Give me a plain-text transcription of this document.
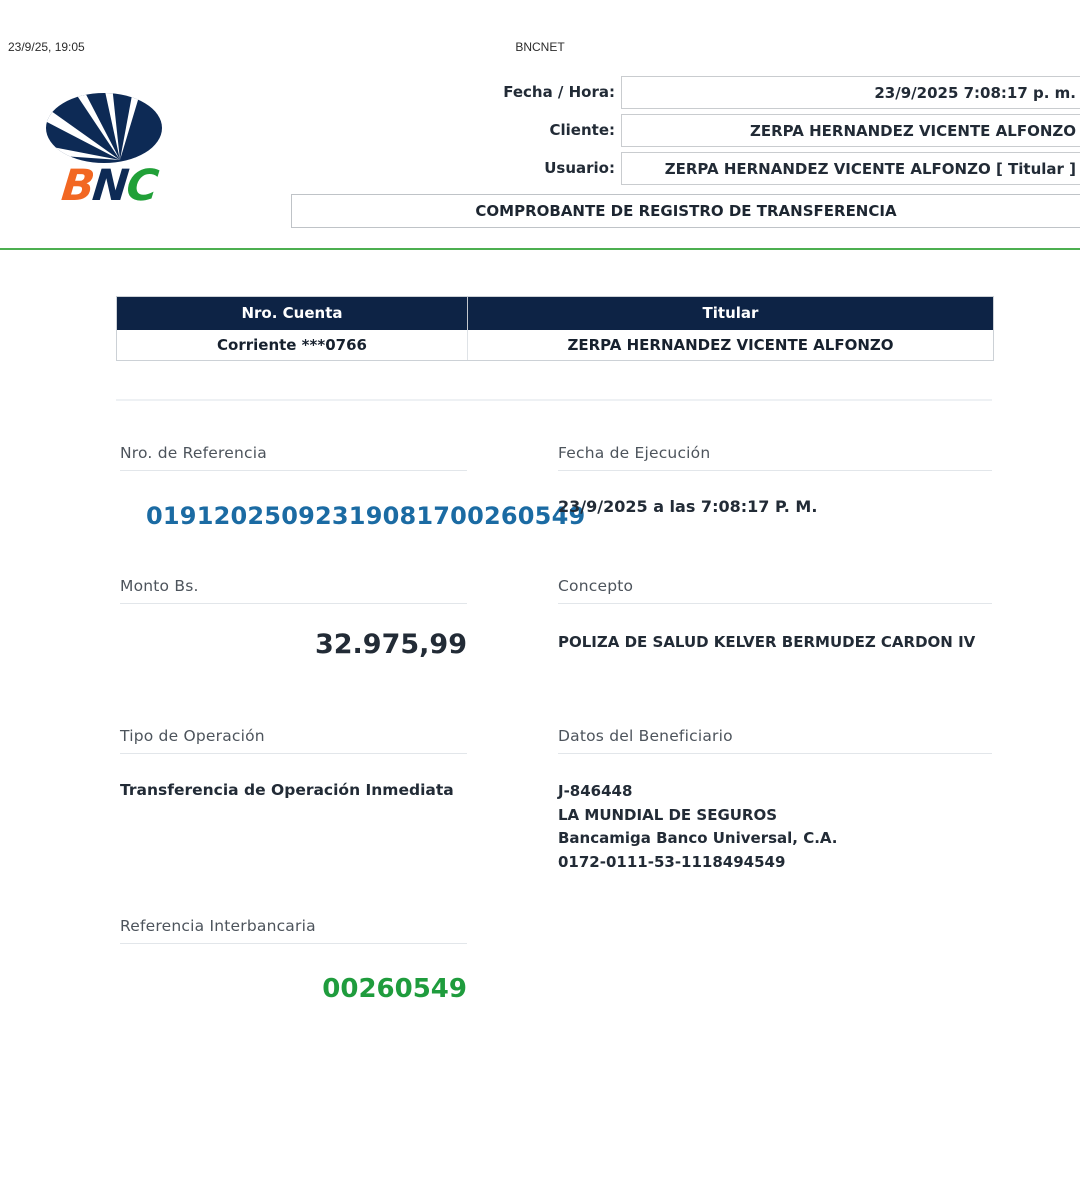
23/9/25, 19:05	BNCNET
BNC
Fecha / Hora:	23/9/2025 7:08:17 p. m.
Cliente:	ZERPA HERNANDEZ VICENTE ALFONZO
Usuario:	ZERPA HERNANDEZ VICENTE ALFONZO [ Titular ]
COMPROBANTE DE REGISTRO DE TRANSFERENCIA
Nro. Cuenta	Titular
Corriente ***0766	ZERPA HERNANDEZ VICENTE ALFONZO
Nro. de Referencia
01912025092319081700260549
Fecha de Ejecución
23/9/2025 a las 7:08:17 P. M.
Monto Bs.
32.975,99
Concepto
POLIZA DE SALUD KELVER BERMUDEZ CARDON IV
Tipo de Operación
Transferencia de Operación Inmediata
Datos del Beneficiario
J-846448
LA MUNDIAL DE SEGUROS
Bancamiga Banco Universal, C.A.
0172-0111-53-1118494549
Referencia Interbancaria
00260549
